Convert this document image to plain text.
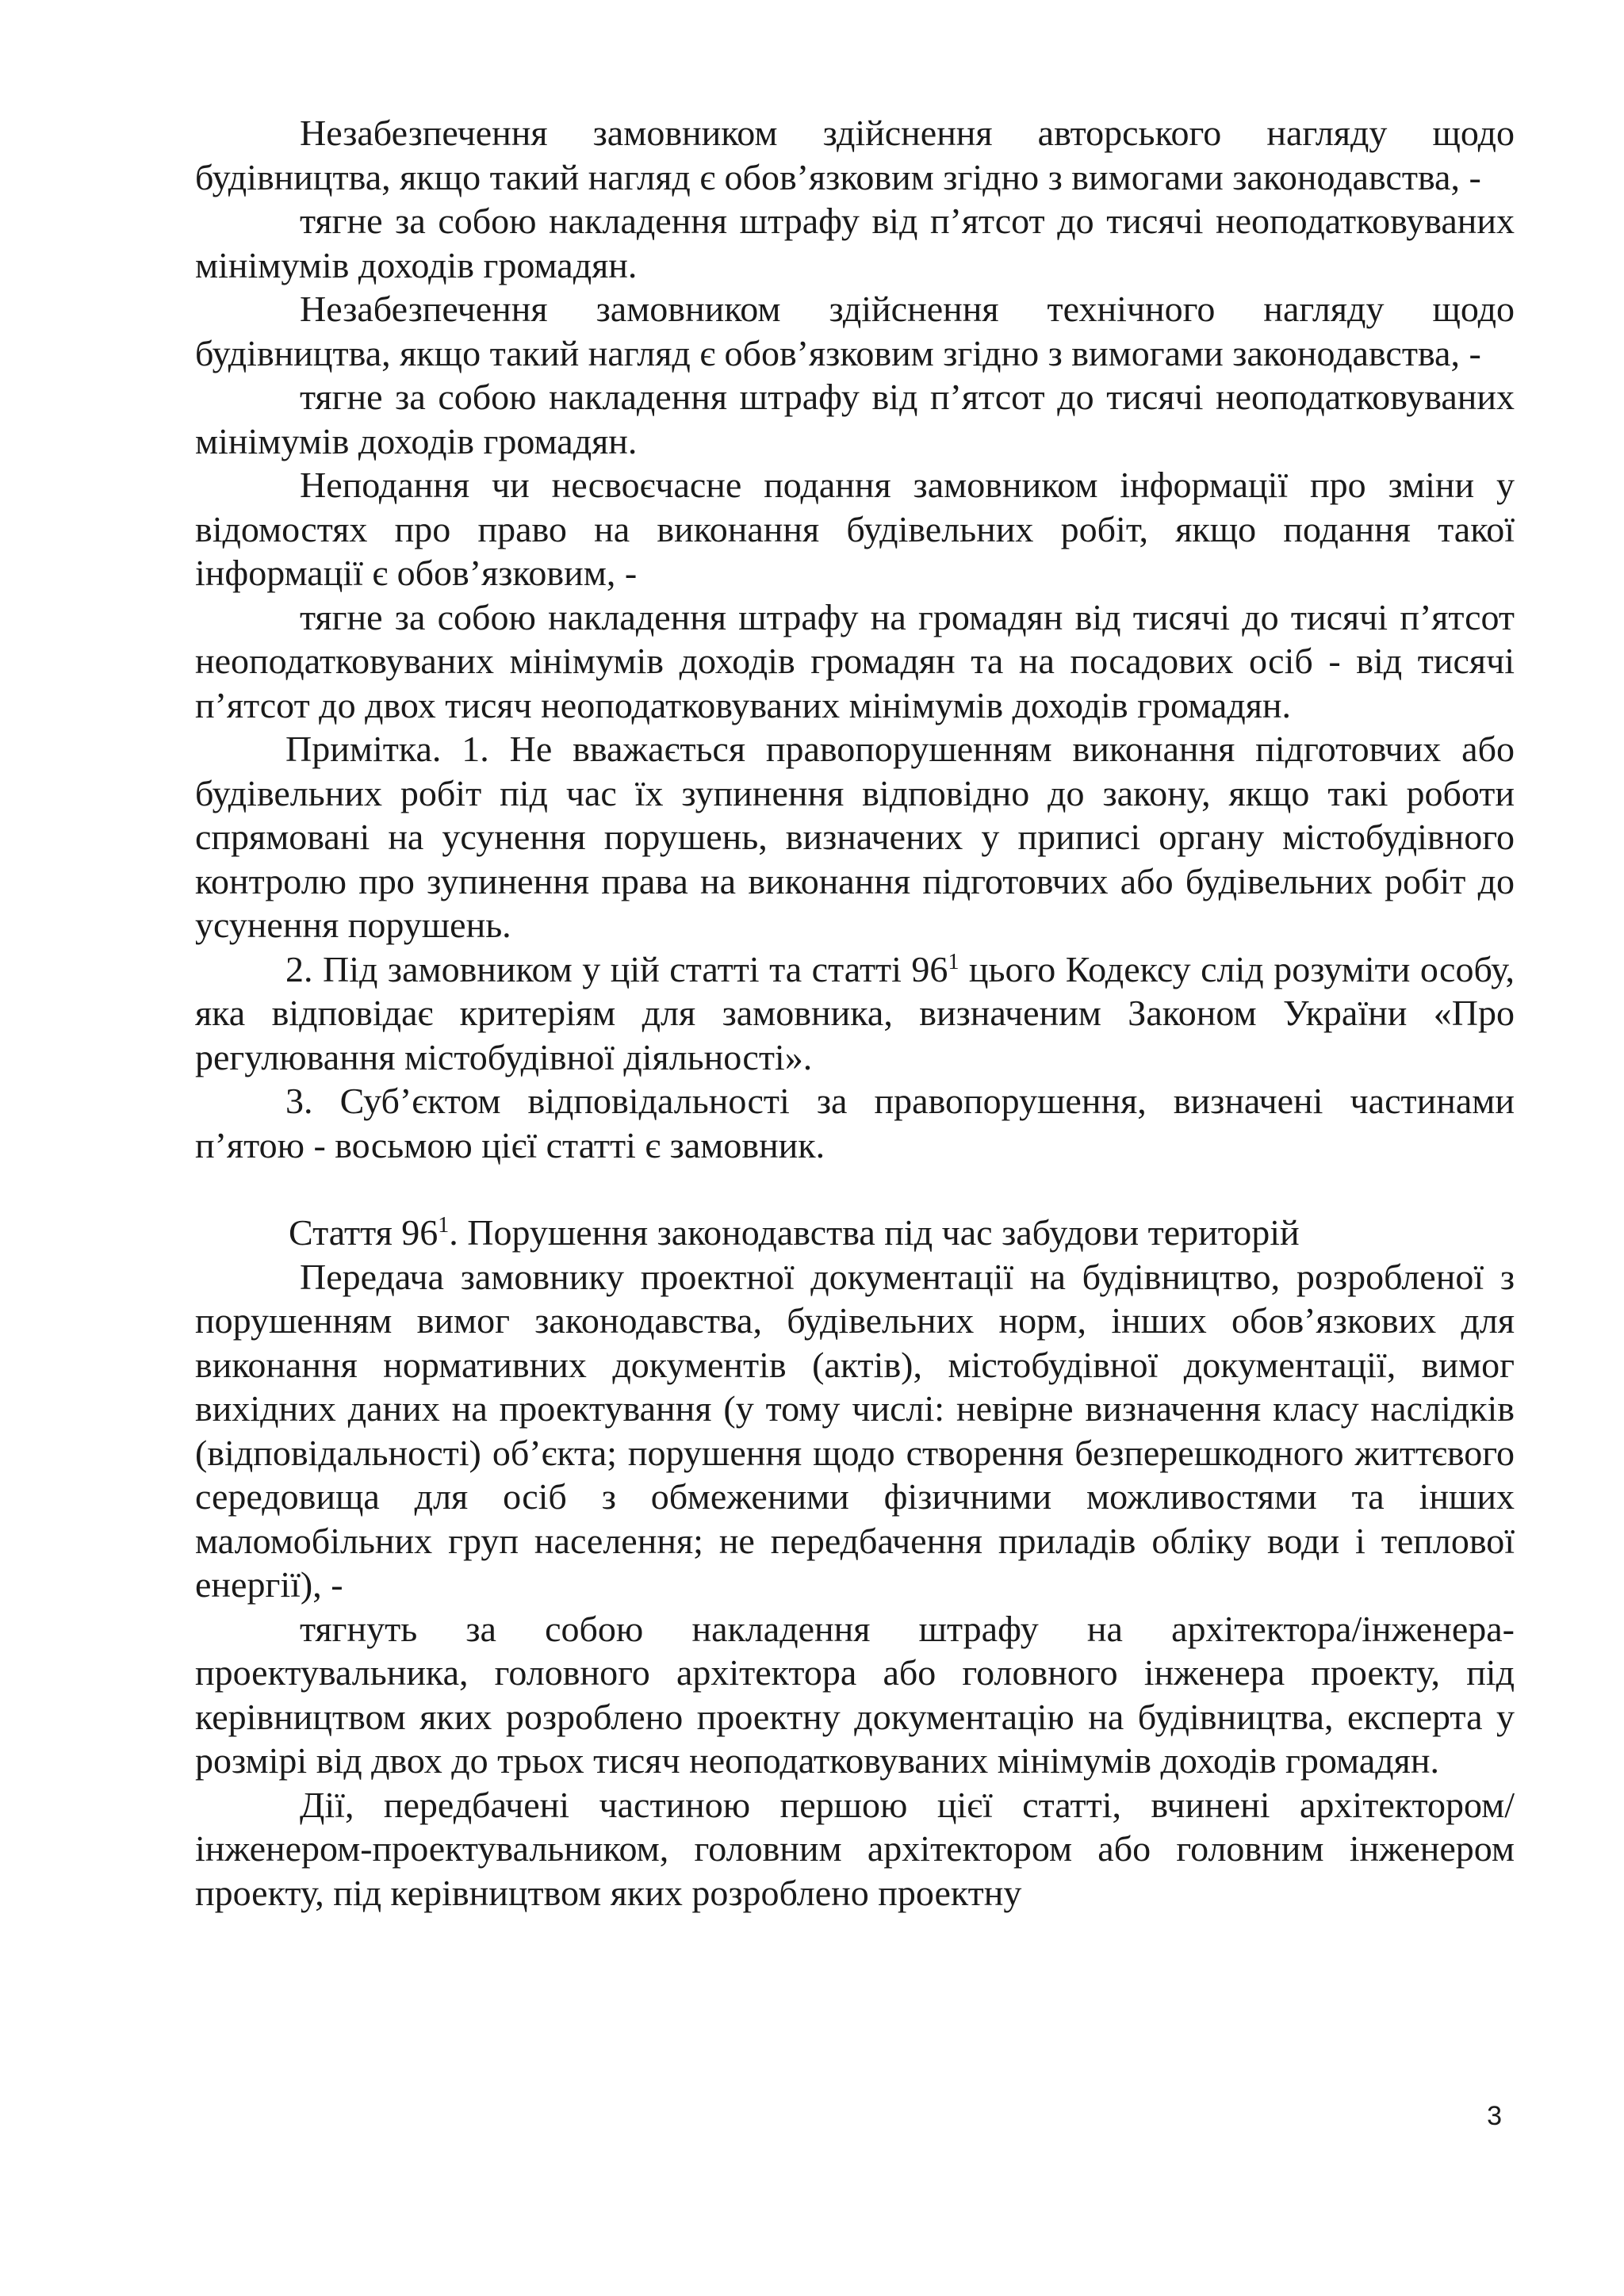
Незабезпечення замовником здійснення авторського нагляду щодо будівництва, якщо такий нагляд є обов’язковим згідно з вимогами законодавства, -

тягне за собою накладення штрафу від п’ятсот до тисячі неоподатковуваних мінімумів доходів громадян.

Незабезпечення замовником здійснення технічного нагляду щодо будівництва, якщо такий нагляд є обов’язковим згідно з вимогами законодавства, -

тягне за собою накладення штрафу від п’ятсот до тисячі неоподатковуваних мінімумів доходів громадян.

Неподання чи несвоєчасне подання замовником інформації про зміни у відомостях про право на виконання будівельних робіт, якщо подання такої інформації є обов’язковим, -

тягне за собою накладення штрафу на громадян від тисячі до тисячі п’ятсот неоподатковуваних мінімумів доходів громадян та на посадових осіб - від тисячі п’ятсот до двох тисяч неоподатковуваних мінімумів доходів громадян.

Примітка. 1. Не вважається правопорушенням виконання підготовчих або будівельних робіт під час їх зупинення відповідно до закону, якщо такі роботи спрямовані на усунення порушень, визначених у приписі органу містобудівного контролю про зупинення права на виконання підготовчих або будівельних робіт до усунення порушень.

2. Під замовником у цій статті та статті $96^1$ цього Кодексу слід розуміти особу, яка відповідає критеріям для замовника, визначеним Законом України «Про регулювання містобудівної діяльності».

3. Суб’єктом відповідальності за правопорушення, визначені частинами п’ятою - восьмою цієї статті є замовник.

Стаття $96^1$. Порушення законодавства під час забудови територій

Передача замовнику проектної документації на будівництво, розробленої з порушенням вимог законодавства, будівельних норм, інших обов’язкових для виконання нормативних документів (актів), містобудівної документації, вимог вихідних даних на проектування (у тому числі: невірне визначення класу наслідків (відповідальності) об’єкта; порушення щодо створення безперешкодного життєвого середовища для осіб з обмеженими фізичними можливостями та інших маломобільних груп населення; не передбачення приладів обліку води і теплової енергії), -

тягнуть за собою накладення штрафу на архітектора/інженера-проектувальника, головного архітектора або головного інженера проекту, під керівництвом яких розроблено проектну документацію на будівництва, експерта у розмірі від двох до трьох тисяч неоподатковуваних мінімумів доходів громадян.

Дії, передбачені частиною першою цієї статті, вчинені архітектором/інженером-проектувальником, головним архітектором або головним інженером проекту, під керівництвом яких розроблено проектну

3
